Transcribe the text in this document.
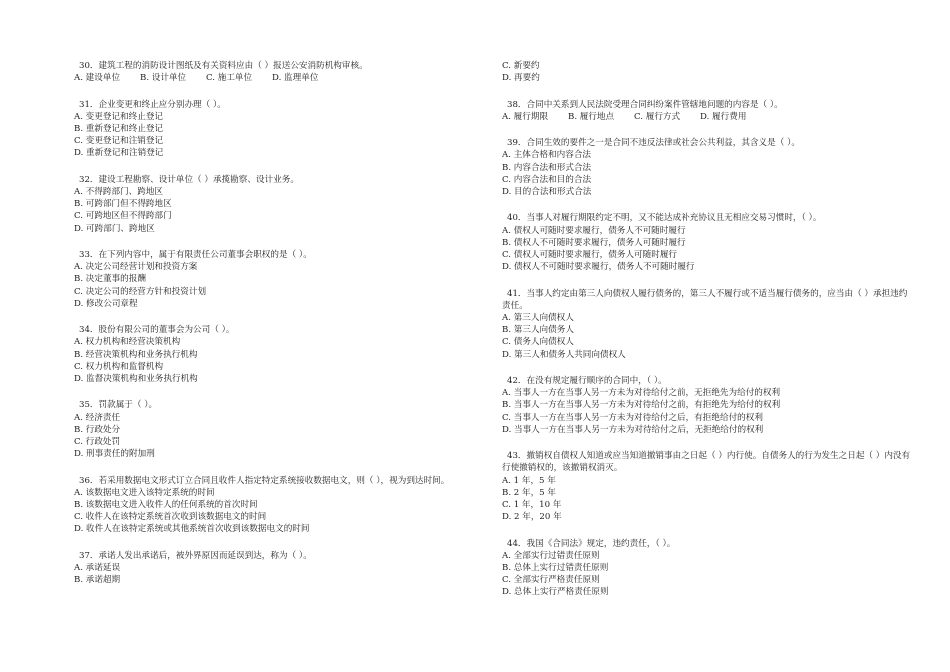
30．建筑工程的消防设计图纸及有关资料应由（ ）报送公安消防机构审核。
A. 建设单位	B. 设计单位	C. 施工单位	D. 监理单位
31．企业变更和终止应分别办理（ ）。
A. 变更登记和终止登记
B. 重新登记和终止登记
C. 变更登记和注销登记
D. 重新登记和注销登记
32．建设工程勘察、设计单位（ ）承揽勘察、设计业务。
A. 不得跨部门、跨地区
B. 可跨部门但不得跨地区
C. 可跨地区但不得跨部门
D. 可跨部门、跨地区
33．在下列内容中，属于有限责任公司董事会职权的是（ ）。
A. 决定公司经营计划和投资方案
B. 决定董事的报酬
C. 决定公司的经营方针和投资计划
D. 修改公司章程
34．股份有限公司的董事会为公司（ ）。
A. 权力机构和经营决策机构
B. 经营决策机构和业务执行机构
C. 权力机构和监督机构
D. 监督决策机构和业务执行机构
35．罚款属于（ ）。
A. 经济责任
B. 行政处分
C. 行政处罚
D. 刑事责任的附加刑
36．若采用数据电文形式订立合同且收件人指定特定系统接收数据电文，则（ ），视为到达时间。
A. 该数据电文进入该特定系统的时间
B. 该数据电文进入收件人的任何系统的首次时间
C. 收件人在该特定系统首次收到该数据电文的时间
D. 收件人在该特定系统或其他系统首次收到该数据电文的时间
37．承诺人发出承诺后，被外界原因而延误到达，称为（ ）。
A. 承诺延误
B. 承诺超期
C. 新要约
D. 再要约
38．合同中关系到人民法院受理合同纠纷案件管辖地问题的内容是（ ）。
A. 履行期限	B. 履行地点	C. 履行方式	D. 履行费用
39．合同生效的要件之一是合同不违反法律或社会公共利益，其含义是（ ）。
A. 主体合格和内容合法
B. 内容合法和形式合法
C. 内容合法和目的合法
D. 目的合法和形式合法
40．当事人对履行期限约定不明，又不能达成补充协议且无相应交易习惯时，（ ）。
A. 债权人可随时要求履行，债务人不可随时履行
B. 债权人不可随时要求履行，债务人可随时履行
C. 债权人可随时要求履行，债务人可随时履行
D. 债权人不可随时要求履行，债务人不可随时履行
41．当事人约定由第三人向债权人履行债务的，第三人不履行或不适当履行债务的，应当由（ ）承担违约责任。
A. 第三人向债权人
B. 第三人向债务人
C. 债务人向债权人
D. 第三人和债务人共同向债权人
42．在没有规定履行顺序的合同中，（ ）。
A. 当事人一方在当事人另一方未为对待给付之前，无拒绝先为给付的权利
B. 当事人一方在当事人另一方未为对待给付之前，有拒绝先为给付的权利
C. 当事人一方在当事人另一方未为对待给付之后，有拒绝给付的权利
D. 当事人一方在当事人另一方未为对待给付之后，无拒绝给付的权利
43．撤销权自债权人知道或应当知道撤销事由之日起（ ）内行使。自债务人的行为发生之日起（ ）内没有行使撤销权的，该撤销权消灭。
A. 1 年，5 年
B. 2 年，5 年
C. 1 年，10 年
D. 2 年，20 年
44．我国《合同法》规定，违约责任，（ ）。
A. 全部实行过错责任原则
B. 总体上实行过错责任原则
C. 全部实行严格责任原则
D. 总体上实行严格责任原则
